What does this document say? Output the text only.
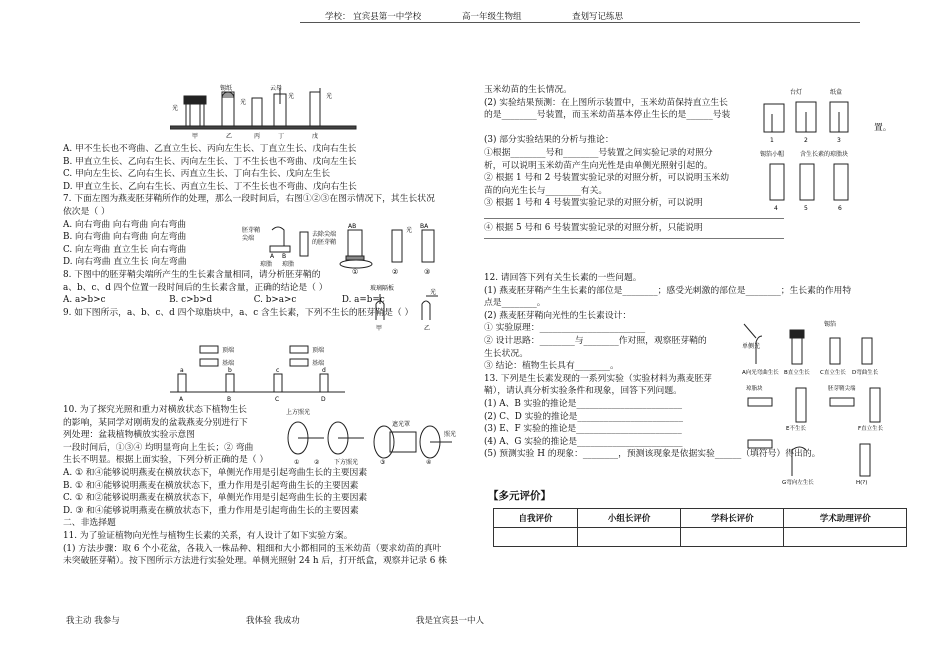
学校： 宜宾县第一中学校	高一年级生物组	查划写记练思
光
锡纸
光
光
云母
光
甲	乙	丙	丁	戊

A. 甲不生长也不弯曲、乙直立生长、丙向左生长、丁直立生长、戊向右生长

B. 甲直立生长、乙向右生长、丙向左生长、丁不生长也不弯曲、戊向左生长

C. 甲向左生长、乙向右生长、丙直立生长、丁向右生长、戊向左生长

D. 甲直立生长、乙向右生长、丙直立生长、丁不生长也不弯曲、戊向右生长

7. 下面左图为燕麦胚芽鞘所作的处理，那么一段时间后，右图①②③在图示情况下，其生长状况

依次是（ ）

A. 向右弯曲 向右弯曲 向右弯曲

B. 向右弯曲 向右弯曲 向左弯曲

C. 向左弯曲 直立生长 向右弯曲

D. 向右弯曲 直立生长 向左弯曲

8. 下图中的胚芽鞘尖端所产生的生长素含量相同，请分析胚芽鞘的

a、b、c、d 四个位置一段时间后的生长素含量，正确的结论是（ ）

A. a>b>c	B. c>b>d	C. b>a>c	D. a=b=c

9. 如下图所示，a、b、c、d 四个琼脂块中，a、c 含生长素，下列不生长的胚芽鞘是（ ）

胚芽鞘
尖端
A B
琼脂 琼脂
去除尖端
的胚芽鞘
AB
光
BA
①	②	③
玻璃隔板
光
甲	乙
顶端
基端
顶端
基端
a	b	c	d
A	B	C	D

10. 为了探究光照和重力对横放状态下植物生长

的影响，某同学对刚萌发的盆栽燕麦分别进行下

列处理：盆栽植物横放实验示意图

一段时间后，①③④ 均明显弯向上生长；② 弯曲

生长不明显。根据上面实验，下列分析正确的是（ ）

A. ① 和④能够说明燕麦在横放状态下，单侧光作用是引起弯曲生长的主要因素

B. ① 和④能够说明燕麦在横放状态下，重力作用是引起弯曲生长的主要因素

C. ① 和②能够说明燕麦在横放状态下，单侧光作用是引起弯曲生长的主要因素

D. ③ 和④能够说明燕麦在横放状态下，重力作用是引起弯曲生长的主要因素

二、非选择题

11. 为了验证植物向光性与植物生长素的关系，有人设计了如下实验方案。

(1) 方法步骤：取 6 个小花盆，各栽入一株品种、粗细和大小都相同的玉米幼苗（要求幼苗的真叶

未突破胚芽鞘）。按下图所示方法进行实验处理。单侧光照射 24 h 后，打开纸盒，观察并记录 6 株

上方照光
遮光罩
下方照光
照光
① ②	③	④

玉米幼苗的生长情况。

(2) 实验结果预测：在上图所示装置中，玉米幼苗保持直立生长

的是________号装置，而玉米幼苗基本停止生长的是______号装

置。

(3) 部分实验结果的分析与推论：

①根据________号和________号装置之间实验记录的对照分

析，可以说明玉米幼苗产生向光性是由单侧光照射引起的。

② 根据 1 号和 2 号装置实验记录的对照分析，可以说明玉米幼

苗的向光生长与________有关。

③ 根据 1 号和 4 号装置实验记录的对照分析，可以说明

④ 根据 5 号和 6 号装置实验记录的对照分析，只能说明

台灯	纸盒
1	2	3
锡箔小帽	含生长素的琼脂块
4	5	6

12. 请回答下列有关生长素的一些问题。

(1) 燕麦胚芽鞘产生生长素的部位是________；感受光刺激的部位是________；生长素的作用特

点是________。

(2) 燕麦胚芽鞘向光性的生长素设计：

① 实验原理：________________________

② 设计思路：________与________作对照，观察胚芽鞘的

生长状况。

③ 结论：植物生长具有________。

13. 下列是生长素发现的一系列实验（实验材料为燕麦胚芽

鞘），请认真分析实验条件和现象，回答下列问题。

(1) A、B 实验的推论是________________________

(2) C、D 实验的推论是________________________

(3) E、F 实验的推论是________________________

(4) A、G 实验的推论是________________________

(5) 预测实验 H 的现象：________，预测该现象是依据实验______（填符号）得出的。

单侧光
锡箔
A向光弯曲生长 B直立生长 C直立生长 D弯曲生长
琼脂块
E不生长
胚芽鞘尖端
F直立生长
G弯向左生长	H(?)
【多元评价】
自我评价	小组长评价	学科长评价	学术助理评价

我主动 我参与	我体验 我成功	我是宜宾县一中人
